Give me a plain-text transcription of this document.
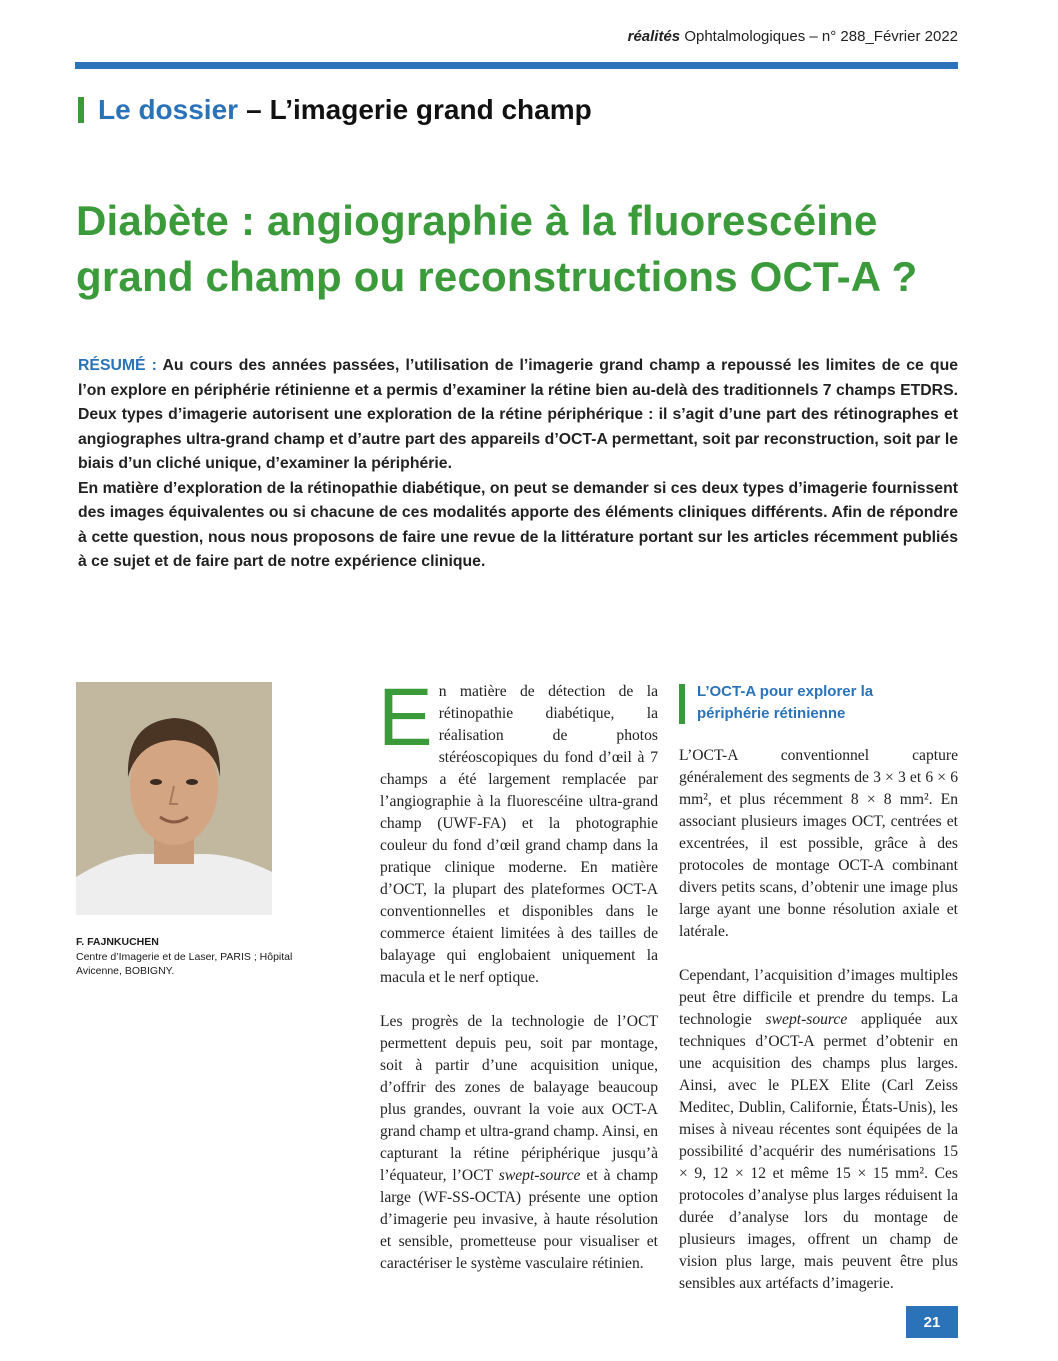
réalités Ophtalmologiques – n° 288_Février 2022
Le dossier – L’imagerie grand champ
Diabète : angiographie à la fluorescéine
grand champ ou reconstructions OCT-A ?

RÉSUMÉ : Au cours des années passées, l’utilisation de l’imagerie grand champ a repoussé les limites de ce que l’on explore en périphérie rétinienne et a permis d’examiner la rétine bien au-delà des traditionnels 7 champs ETDRS. Deux types d’imagerie autorisent une exploration de la rétine périphérique : il s’agit d’une part des rétinographes et angiographes ultra-grand champ et d’autre part des appareils d’OCT-A permettant, soit par reconstruction, soit par le biais d’un cliché unique, d’examiner la périphérie.

En matière d’exploration de la rétinopathie diabétique, on peut se demander si ces deux types d’imagerie fournissent des images équivalentes ou si chacune de ces modalités apporte des éléments cliniques différents. Afin de répondre à cette question, nous nous proposons de faire une revue de la littérature portant sur les articles récemment publiés à ce sujet et de faire part de notre expérience clinique.

F. FAJNKUCHEN
Centre d’Imagerie et de Laser, PARIS ; Hôpital Avicenne, BOBIGNY.

E n matière de détection de la rétinopathie diabétique, la réalisation de photos stéréoscopiques du fond d’œil à 7 champs a été largement remplacée par l’angiographie à la fluorescéine ultra-grand champ (UWF-FA) et la photographie couleur du fond d’œil grand champ dans la pratique clinique moderne. En matière d’OCT, la plupart des plateformes OCT-A conventionnelles et disponibles dans le commerce étaient limitées à des tailles de balayage qui englobaient uniquement la macula et le nerf optique.

Les progrès de la technologie de l’OCT permettent depuis peu, soit par montage, soit à partir d’une acquisition unique, d’offrir des zones de balayage beaucoup plus grandes, ouvrant la voie aux OCT-A grand champ et ultra-grand champ. Ainsi, en capturant la rétine périphérique jusqu’à l’équateur, l’OCT swept-source et à champ large (WF-SS-OCTA) présente une option d’imagerie peu invasive, à haute résolution et sensible, prometteuse pour visualiser et caractériser le système vasculaire rétinien.

L’OCT-A pour explorer la périphérie rétinienne

L’OCT-A conventionnel capture généralement des segments de 3 × 3 et 6 × 6 mm², et plus récemment 8 × 8 mm². En associant plusieurs images OCT, centrées et excentrées, il est possible, grâce à des protocoles de montage OCT-A combinant divers petits scans, d’obtenir une image plus large ayant une bonne résolution axiale et latérale.

Cependant, l’acquisition d’images multiples peut être difficile et prendre du temps. La technologie swept-source appliquée aux techniques d’OCT-A permet d’obtenir en une acquisition des champs plus larges. Ainsi, avec le PLEX Elite (Carl Zeiss Meditec, Dublin, Californie, États-Unis), les mises à niveau récentes sont équipées de la possibilité d’acquérir des numérisations 15 × 9, 12 × 12 et même 15 × 15 mm². Ces protocoles d’analyse plus larges réduisent la durée d’analyse lors du montage de plusieurs images, offrent un champ de vision plus large, mais peuvent être plus sensibles aux artéfacts d’imagerie.

21
